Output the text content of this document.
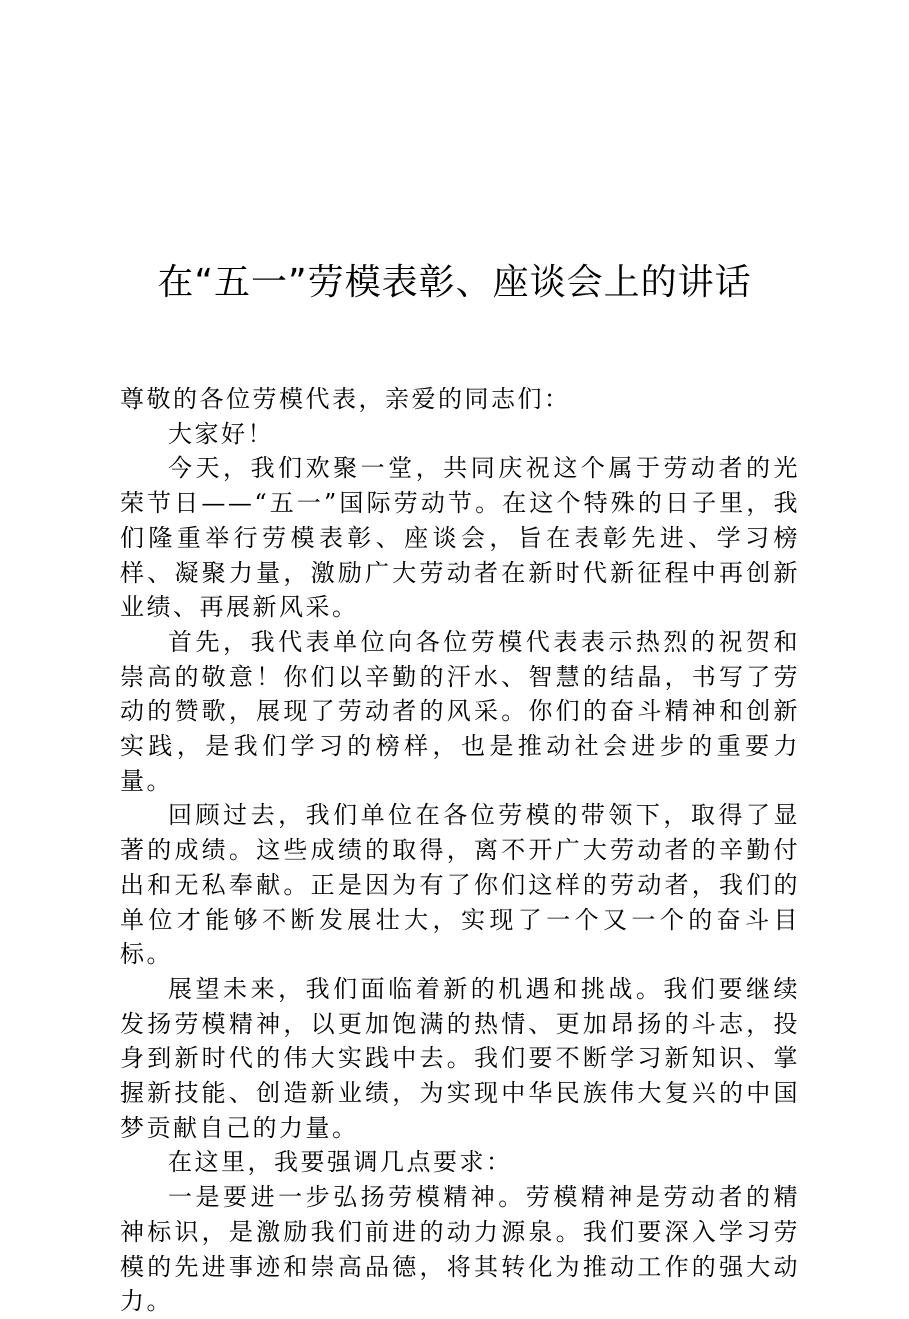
在“五一”劳模表彰、座谈会上的讲话

尊敬的各位劳模代表，亲爱的同志们：

大家好！

今天，我们欢聚一堂，共同庆祝这个属于劳动者的光荣节日——“五一”国际劳动节。在这个特殊的日子里，我们隆重举行劳模表彰、座谈会，旨在表彰先进、学习榜样、凝聚力量，激励广大劳动者在新时代新征程中再创新业绩、再展新风采。

首先，我代表单位向各位劳模代表表示热烈的祝贺和崇高的敬意！你们以辛勤的汗水、智慧的结晶，书写了劳动的赞歌，展现了劳动者的风采。你们的奋斗精神和创新实践，是我们学习的榜样，也是推动社会进步的重要力量。

回顾过去，我们单位在各位劳模的带领下，取得了显著的成绩。这些成绩的取得，离不开广大劳动者的辛勤付出和无私奉献。正是因为有了你们这样的劳动者，我们的单位才能够不断发展壮大，实现了一个又一个的奋斗目标。

展望未来，我们面临着新的机遇和挑战。我们要继续发扬劳模精神，以更加饱满的热情、更加昂扬的斗志，投身到新时代的伟大实践中去。我们要不断学习新知识、掌握新技能、创造新业绩，为实现中华民族伟大复兴的中国梦贡献自己的力量。

在这里，我要强调几点要求：

一是要进一步弘扬劳模精神。劳模精神是劳动者的精神标识，是激励我们前进的动力源泉。我们要深入学习劳模的先进事迹和崇高品德，将其转化为推动工作的强大动力。
